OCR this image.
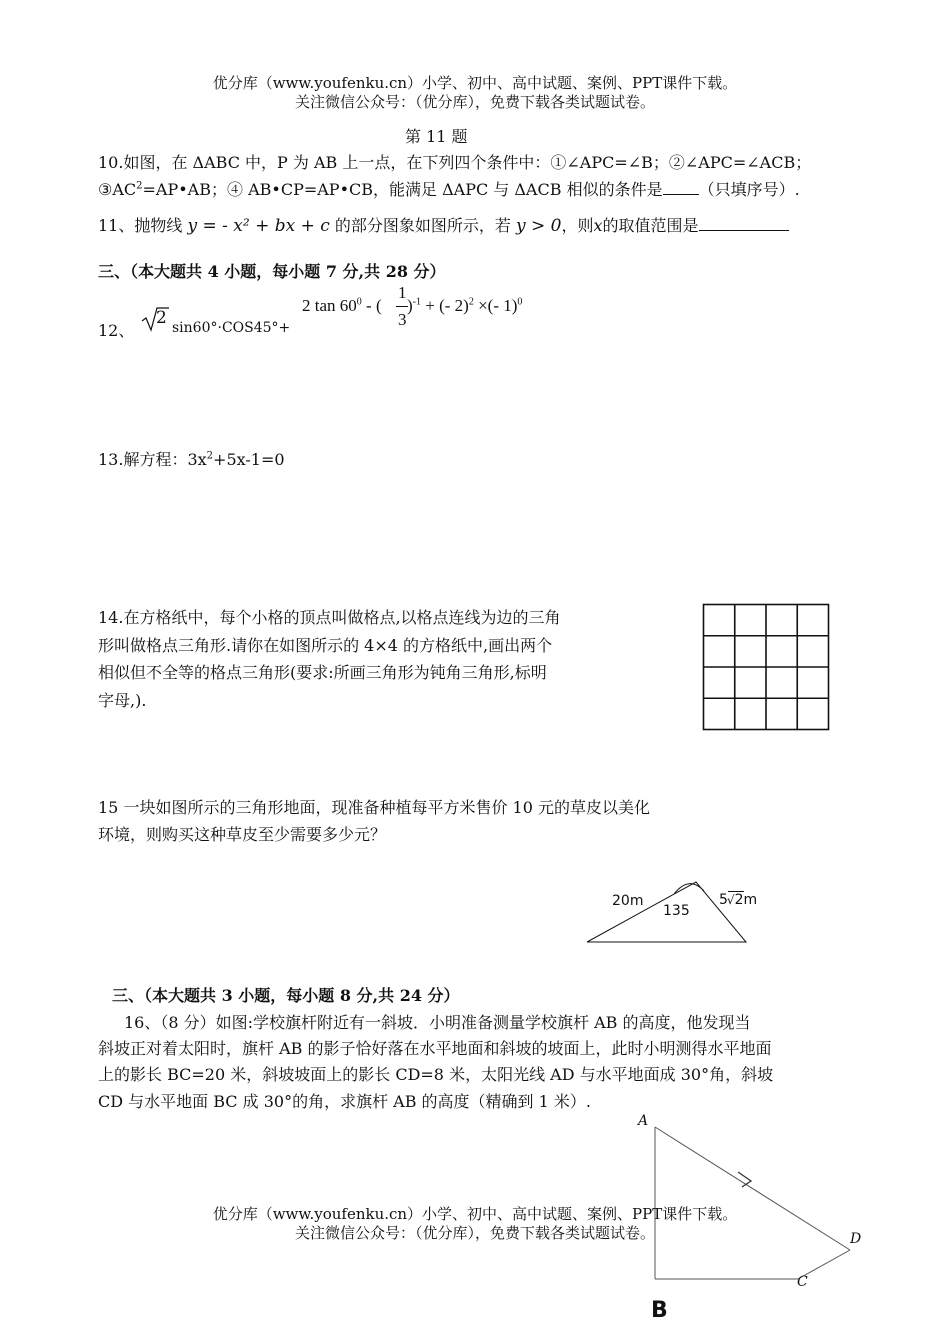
优分库（www.youfenku.cn）小学、初中、高中试题、案例、PPT课件下载。
关注微信公众号：（优分库），免费下载各类试题试卷。
第 11 题
10.如图，在 ΔABC 中，P 为 AB 上一点，在下列四个条件中：①∠APC=∠B；②∠APC=∠ACB；
$③AC^2=AP•AB$；④ AB•CP=AP•CB，能满足 ΔAPC 与 ΔACB 相似的条件是 （只填序号）.
11、抛物线 y = - x² + bx + c 的部分图象如图所示，若 y > 0，则x的取值范围是
三、（本大题共 4 小题，每小题 7 分,共 28 分）
12、
2 sin60°·COS45°+
2 $\tan 60^0$ - (
1
3
)$^{-1}$ + (- 2)$^2$ ×(- 1)$^0$
13.解方程：$3x^2+5x-1=0$
14.在方格纸中，每个小格的顶点叫做格点,以格点连线为边的三角
形叫做格点三角形.请你在如图所示的 4×4 的方格纸中,画出两个
相似但不全等的格点三角形(要求:所画三角形为钝角三角形,标明
字母,).
15 一块如图所示的三角形地面，现准备种植每平方米售价 10 元的草皮以美化
环境，则购买这种草皮至少需要多少元？
20m
135
5√2m
三、（本大题共 3 小题，每小题 8 分,共 24 分）
16、（8 分）如图:学校旗杆附近有一斜坡．小明准备测量学校旗杆 AB 的高度，他发现当
斜坡正对着太阳时，旗杆 AB 的影子恰好落在水平地面和斜坡的坡面上，此时小明测得水平地面
上的影长 BC=20 米，斜坡坡面上的影长 CD=8 米，太阳光线 AD 与水平地面成 30°角，斜坡
CD 与水平地面 BC 成 30°的角，求旗杆 AB 的高度（精确到 1 米）.
A
D
C
B
优分库（www.youfenku.cn）小学、初中、高中试题、案例、PPT课件下载。
关注微信公众号：（优分库），免费下载各类试题试卷。
